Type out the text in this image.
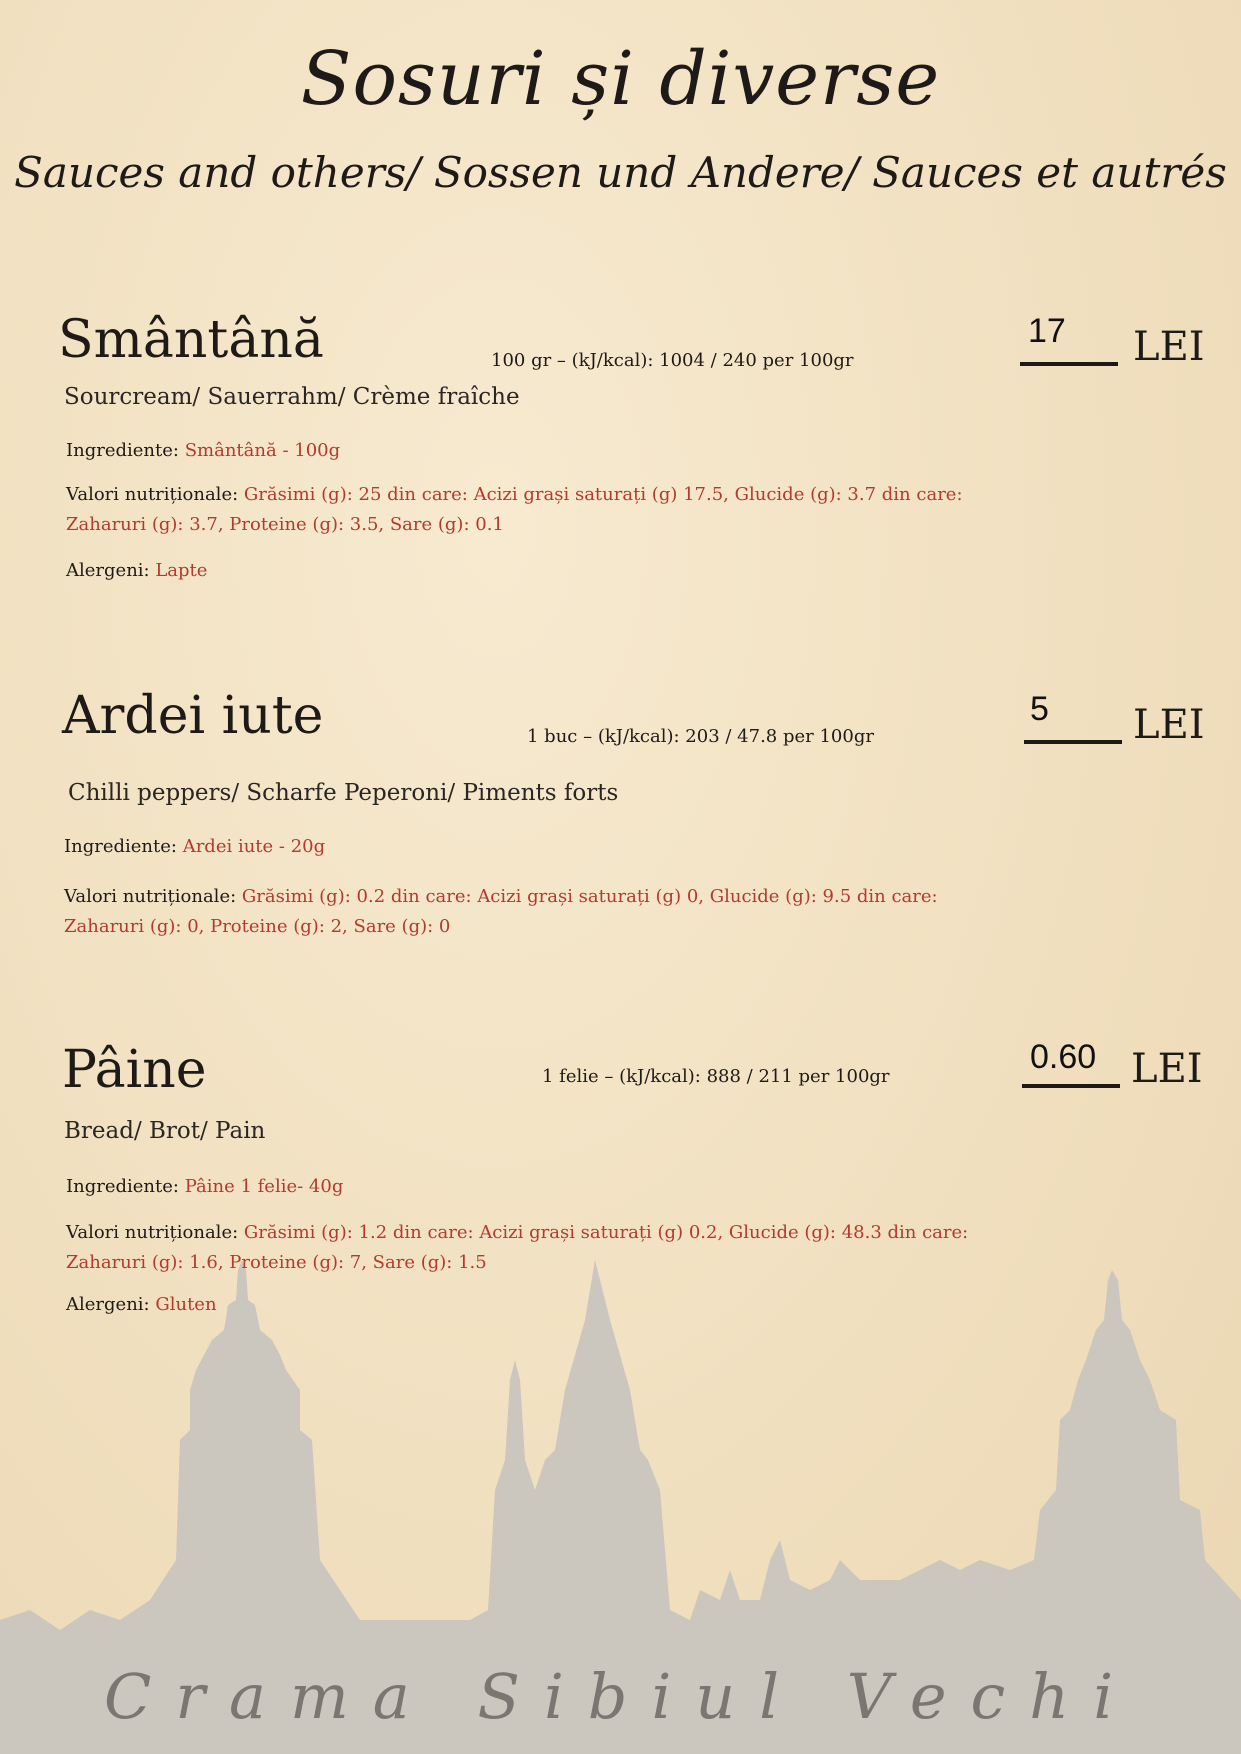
Sosuri și diverse
Sauces and others/ Sossen und Andere/ Sauces et autrés
Smântână	100 gr – (kJ/kcal): 1004 / 240 per 100gr
17 LEI
Sourcream/ Sauerrahm/ Crème fraîche
Ingrediente: Smântână - 100g
Valori nutriționale: Grăsimi (g): 25 din care: Acizi grași saturați (g) 17.5, Glucide (g): 3.7 din care:
Zaharuri (g): 3.7, Proteine (g): 3.5, Sare (g): 0.1
Alergeni: Lapte
Ardei iute	1 buc – (kJ/kcal): 203 / 47.8 per 100gr
5 LEI
Chilli peppers/ Scharfe Peperoni/ Piments forts
Ingrediente: Ardei iute - 20g
Valori nutriționale: Grăsimi (g): 0.2 din care: Acizi grași saturați (g) 0, Glucide (g): 9.5 din care:
Zaharuri (g): 0, Proteine (g): 2, Sare (g): 0
Pâine	1 felie – (kJ/kcal): 888 / 211 per 100gr
0.60 LEI
Bread/ Brot/ Pain
Ingrediente: Pâine 1 felie- 40g
Valori nutriționale: Grăsimi (g): 1.2 din care: Acizi grași saturați (g) 0.2, Glucide (g): 48.3 din care:
Zaharuri (g): 1.6, Proteine (g): 7, Sare (g): 1.5
Alergeni: Gluten
Crama Sibiul Vechi
